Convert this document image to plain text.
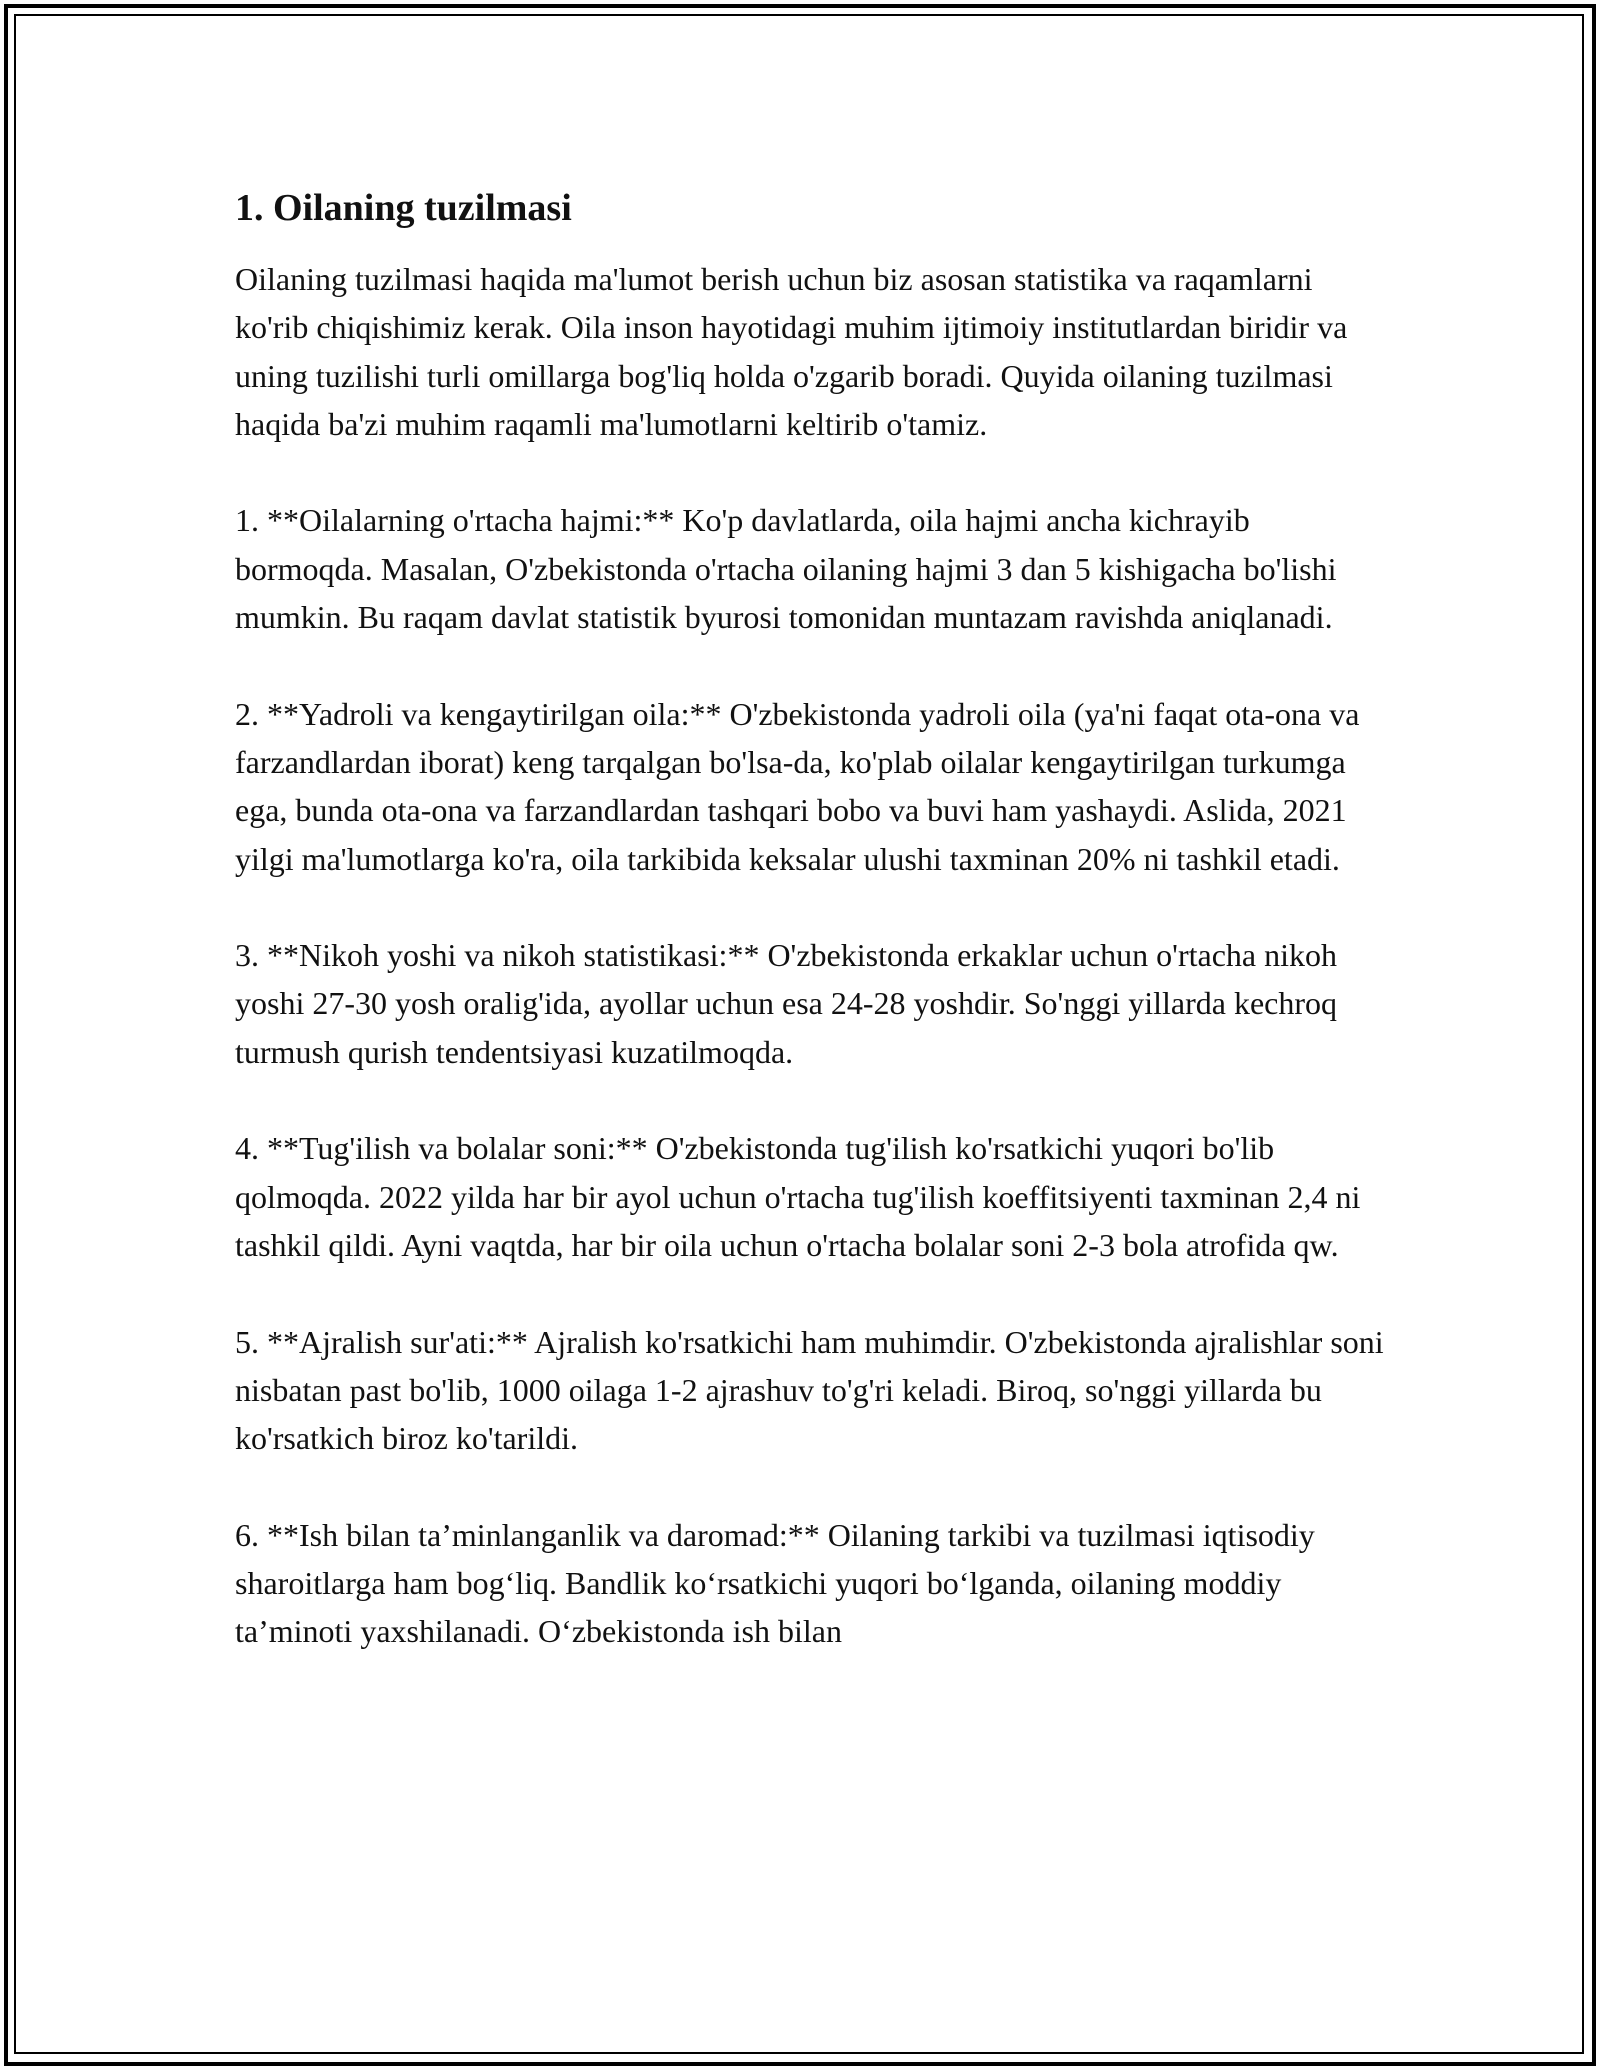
1. Oilaning tuzilmasi

Oilaning tuzilmasi haqida ma'lumot berish uchun biz asosan statistika va raqamlarni ko'rib chiqishimiz kerak. Oila inson hayotidagi muhim ijtimoiy institutlardan biridir va uning tuzilishi turli omillarga bog'liq holda o'zgarib boradi. Quyida oilaning tuzilmasi haqida ba'zi muhim raqamli ma'lumotlarni keltirib o'tamiz.

1. **Oilalarning o'rtacha hajmi:** Ko'p davlatlarda, oila hajmi ancha kichrayib bormoqda. Masalan, O'zbekistonda o'rtacha oilaning hajmi 3 dan 5 kishigacha bo'lishi mumkin. Bu raqam davlat statistik byurosi tomonidan muntazam ravishda aniqlanadi.

2. **Yadroli va kengaytirilgan oila:** O'zbekistonda yadroli oila (ya'ni faqat ota-ona va farzandlardan iborat) keng tarqalgan bo'lsa-da, ko'plab oilalar kengaytirilgan turkumga ega, bunda ota-ona va farzandlardan tashqari bobo va buvi ham yashaydi. Aslida, 2021 yilgi ma'lumotlarga ko'ra, oila tarkibida keksalar ulushi taxminan 20% ni tashkil etadi.

3. **Nikoh yoshi va nikoh statistikasi:** O'zbekistonda erkaklar uchun o'rtacha nikoh yoshi 27-30 yosh oralig'ida, ayollar uchun esa 24-28 yoshdir. So'nggi yillarda kechroq turmush qurish tendentsiyasi kuzatilmoqda.

4. **Tug'ilish va bolalar soni:** O'zbekistonda tug'ilish ko'rsatkichi yuqori bo'lib qolmoqda. 2022 yilda har bir ayol uchun o'rtacha tug'ilish koeffitsiyenti taxminan 2,4 ni tashkil qildi. Ayni vaqtda, har bir oila uchun o'rtacha bolalar soni 2-3 bola atrofida qw.

5. **Ajralish sur'ati:** Ajralish ko'rsatkichi ham muhimdir. O'zbekistonda ajralishlar soni nisbatan past bo'lib, 1000 oilaga 1-2 ajrashuv to'g'ri keladi. Biroq, so'nggi yillarda bu ko'rsatkich biroz ko'tarildi.

6. **Ish bilan ta’minlanganlik va daromad:** Oilaning tarkibi va tuzilmasi iqtisodiy sharoitlarga ham bog‘liq. Bandlik ko‘rsatkichi yuqori bo‘lganda, oilaning moddiy ta’minoti yaxshilanadi. O‘zbekistonda ish bilan
